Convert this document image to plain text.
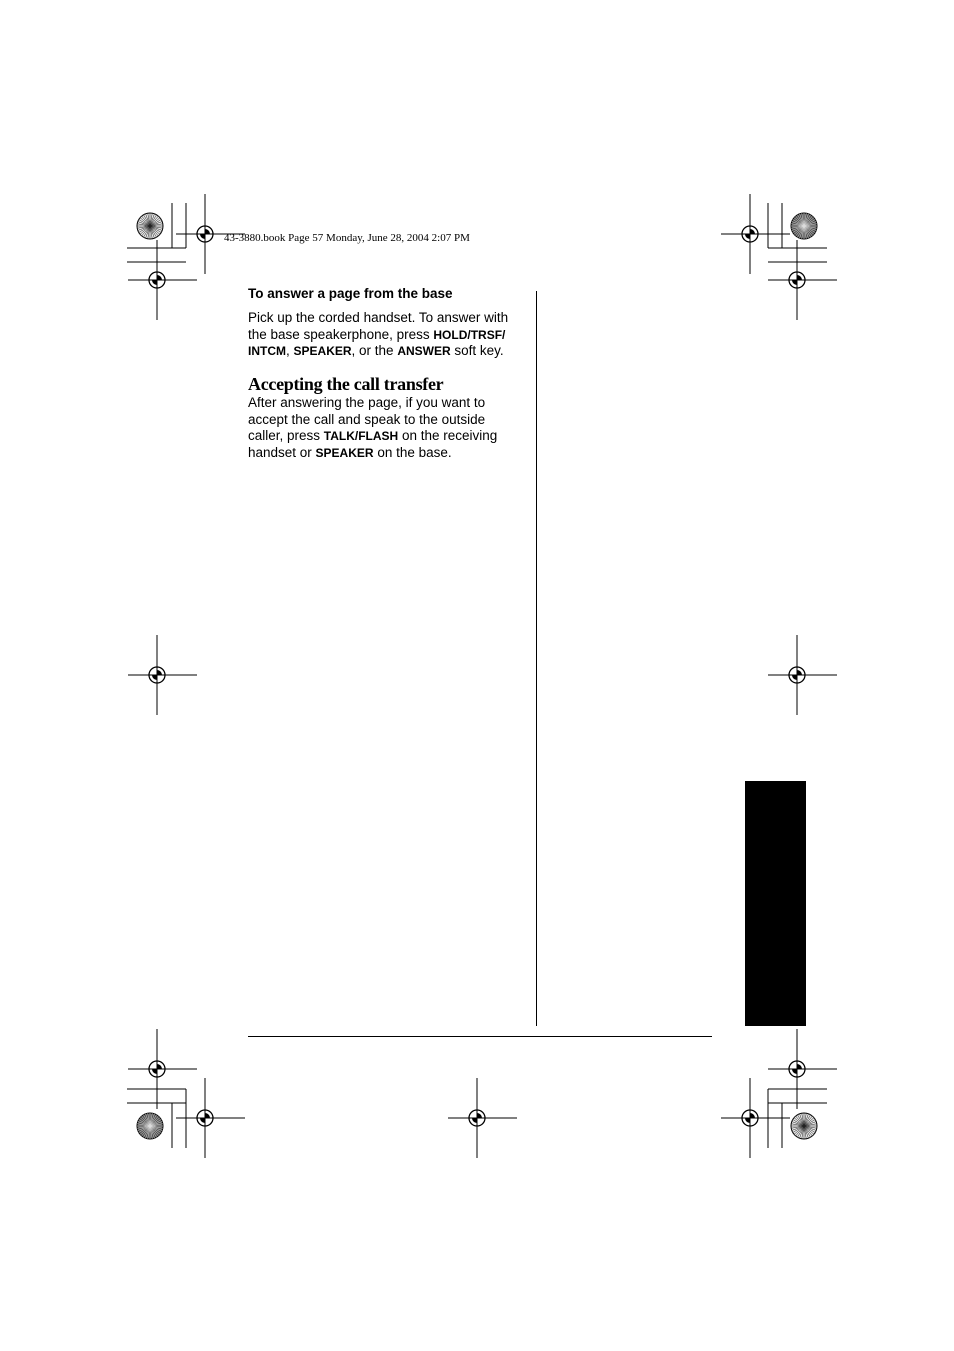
43-3880.book Page 57 Monday, June 28, 2004 2:07 PM
To answer a page from the base
Pick up the corded handset. To answer with
the base speakerphone, press HOLD/TRSF/
INTCM, SPEAKER, or the ANSWER soft key.
Accepting the call transfer
After answering the page, if you want to
accept the call and speak to the outside
caller, press TALK/FLASH on the receiving
handset or SPEAKER on the base.
